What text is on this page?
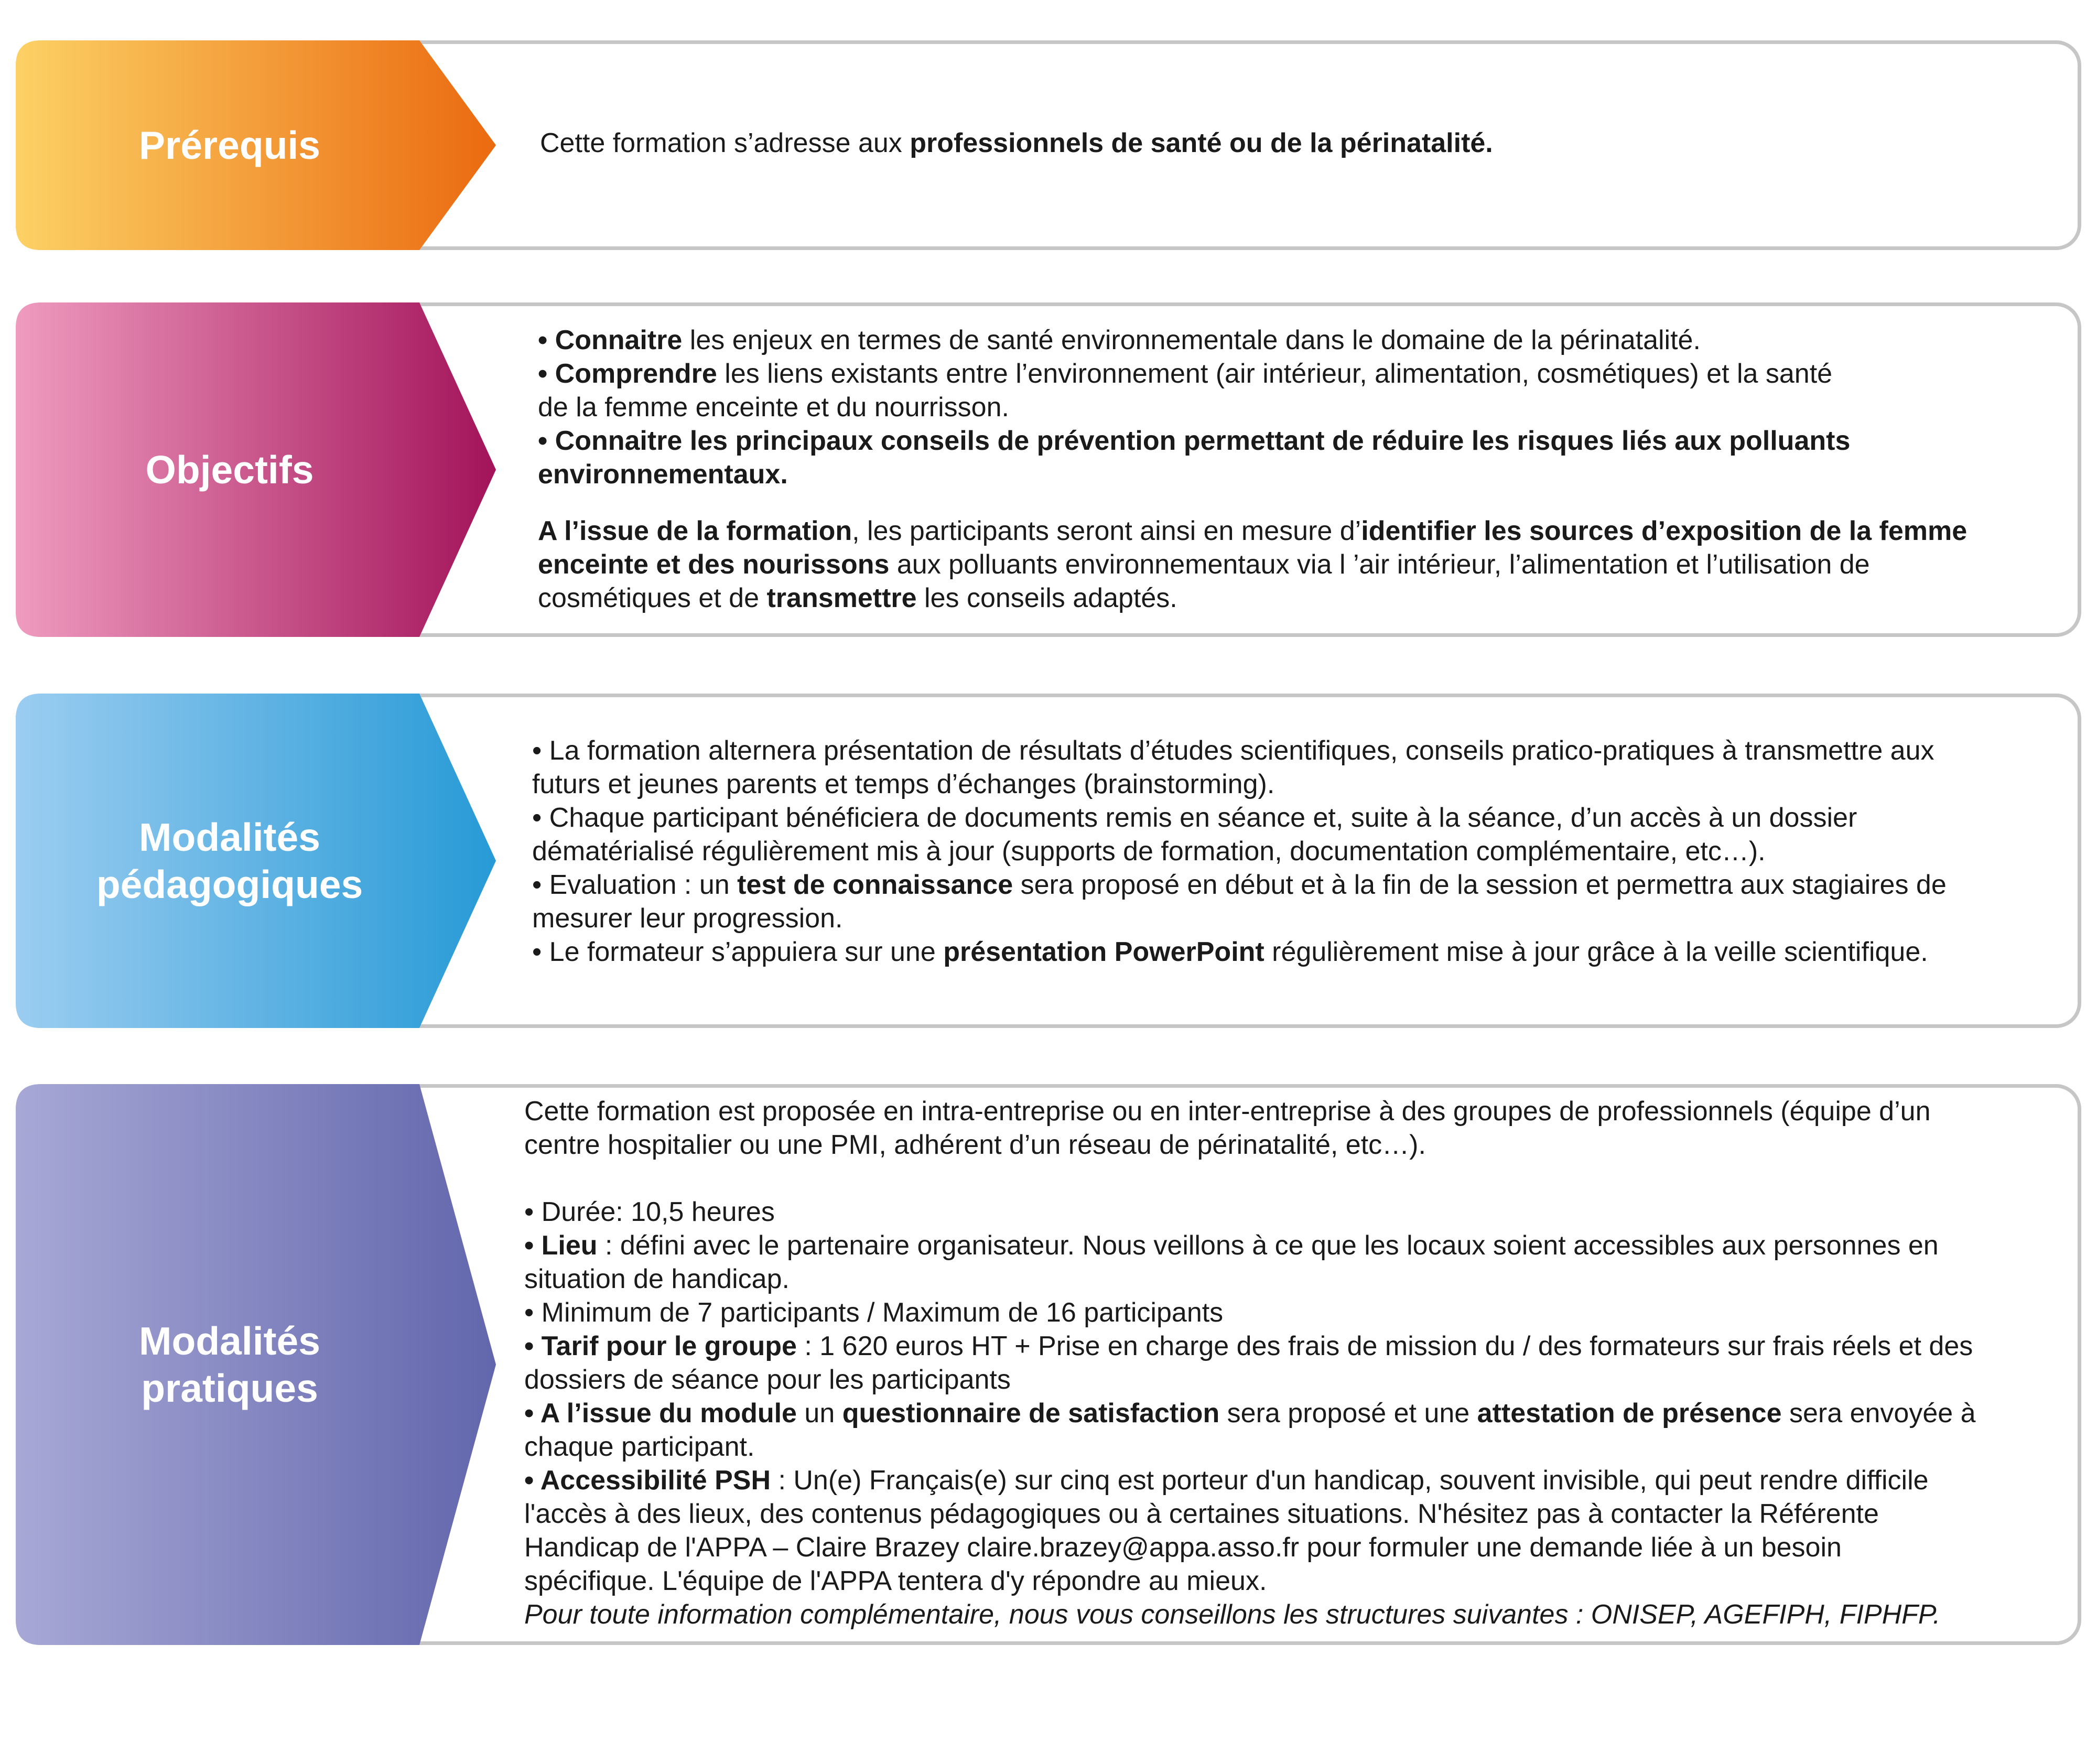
Prérequis	Cette formation s’adresse aux professionnels de santé ou de la périnatalité.

Objectifs

• Connaitre les enjeux en termes de santé environnementale dans le domaine de la périnatalité.

• Comprendre les liens existants entre l’environnement (air intérieur, alimentation, cosmétiques) et la santé

de la femme enceinte et du nourrisson.

• Connaitre les principaux conseils de prévention permettant de réduire les risques liés aux polluants

environnementaux.

A l’issue de la formation, les participants seront ainsi en mesure d’identifier les sources d’exposition de la femme

enceinte et des nourissons aux polluants environnementaux via l ’air intérieur, l’alimentation et l’utilisation de

cosmétiques et de transmettre les conseils adaptés.

Modalités
pédagogiques

• La formation alternera présentation de résultats d’études scientifiques, conseils pratico-pratiques à transmettre aux

futurs et jeunes parents et temps d’échanges (brainstorming).

• Chaque participant bénéficiera de documents remis en séance et, suite à la séance, d’un accès à un dossier

dématérialisé régulièrement mis à jour (supports de formation, documentation complémentaire, etc…).

• Evaluation : un test de connaissance sera proposé en début et à la fin de la session et permettra aux stagiaires de

mesurer leur progression.

• Le formateur s’appuiera sur une présentation PowerPoint régulièrement mise à jour grâce à la veille scientifique.

Modalités
pratiques

Cette formation est proposée en intra-entreprise ou en inter-entreprise à des groupes de professionnels (équipe d’un

centre hospitalier ou une PMI, adhérent d’un réseau de périnatalité, etc…).

• Durée: 10,5 heures

• Lieu : défini avec le partenaire organisateur. Nous veillons à ce que les locaux soient accessibles aux personnes en

situation de handicap.

• Minimum de 7 participants / Maximum de 16 participants

• Tarif pour le groupe : 1 620 euros HT + Prise en charge des frais de mission du / des formateurs sur frais réels et des

dossiers de séance pour les participants

• A l’issue du module un questionnaire de satisfaction sera proposé et une attestation de présence sera envoyée à

chaque participant.

• Accessibilité PSH : Un(e) Français(e) sur cinq est porteur d'un handicap, souvent invisible, qui peut rendre difficile

l'accès à des lieux, des contenus pédagogiques ou à certaines situations. N'hésitez pas à contacter la Référente

Handicap de l'APPA – Claire Brazey claire.brazey@appa.asso.fr pour formuler une demande liée à un besoin

spécifique. L'équipe de l'APPA tentera d'y répondre au mieux.

Pour toute information complémentaire, nous vous conseillons les structures suivantes : ONISEP, AGEFIPH, FIPHFP.
